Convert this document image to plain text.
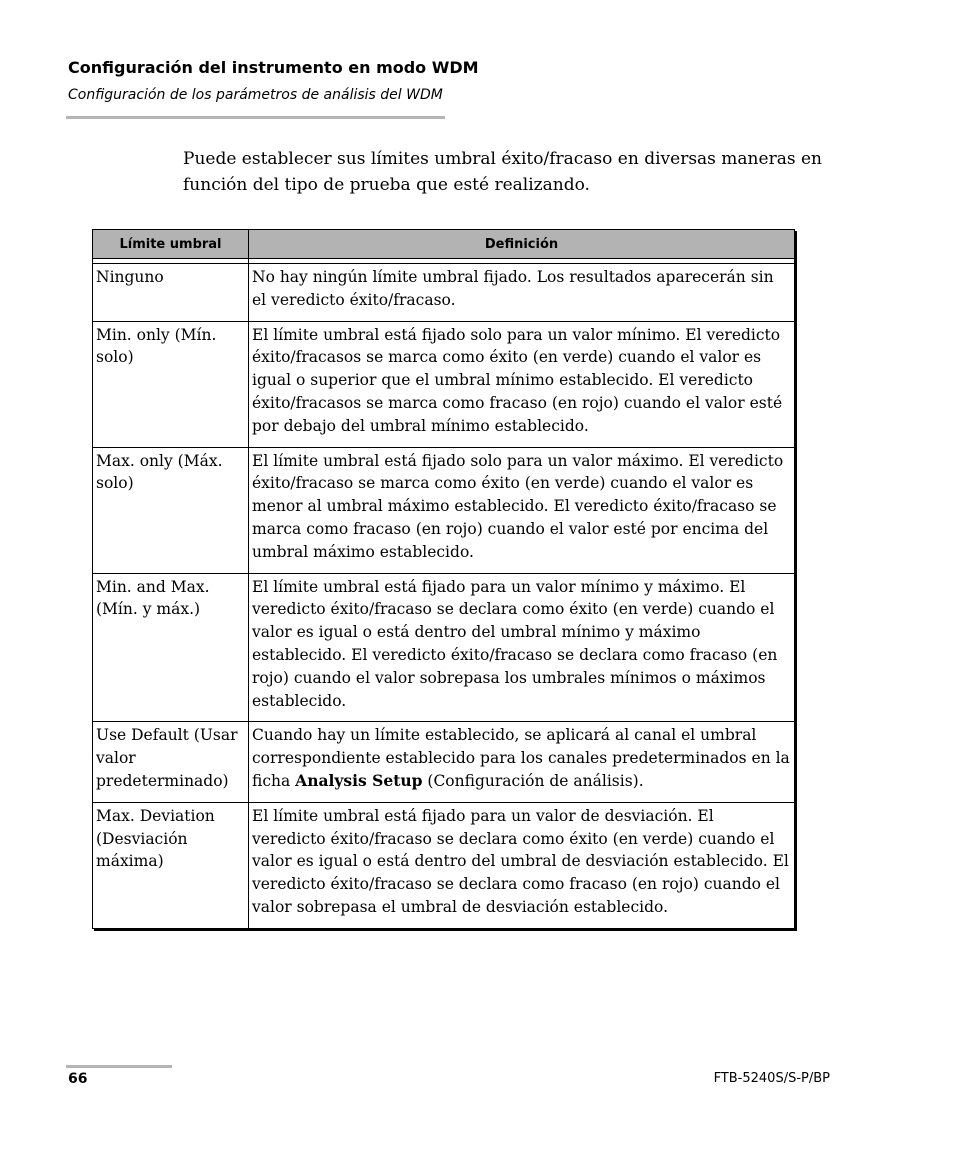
Configuración del instrumento en modo WDM
Configuración de los parámetros de análisis del WDM

Puede establecer sus límites umbral éxito/fracaso en diversas maneras en función del tipo de prueba que esté realizando.

Límite umbral	Definición

Ninguno	No hay ningún límite umbral fijado. Los resultados aparecerán sin el veredicto éxito/fracaso.
Min. only (Mín. solo)	El límite umbral está fijado solo para un valor mínimo. El veredicto éxito/fracasos se marca como éxito (en verde) cuando el valor es igual o superior que el umbral mínimo establecido. El veredicto éxito/fracasos se marca como fracaso (en rojo) cuando el valor esté por debajo del umbral mínimo establecido.
Max. only (Máx. solo)	El límite umbral está fijado solo para un valor máximo. El veredicto éxito/fracaso se marca como éxito (en verde) cuando el valor es menor al umbral máximo establecido. El veredicto éxito/fracaso se marca como fracaso (en rojo) cuando el valor esté por encima del umbral máximo establecido.
Min. and Max. (Mín. y máx.)	El límite umbral está fijado para un valor mínimo y máximo. El veredicto éxito/fracaso se declara como éxito (en verde) cuando el valor es igual o está dentro del umbral mínimo y máximo establecido. El veredicto éxito/fracaso se declara como fracaso (en rojo) cuando el valor sobrepasa los umbrales mínimos o máximos establecido.
Use Default (Usar valor predeterminado)	Cuando hay un límite establecido, se aplicará al canal el umbral correspondiente establecido para los canales predeterminados en la ficha Analysis Setup (Configuración de análisis).
Max. Deviation (Desviación máxima)	El límite umbral está fijado para un valor de desviación. El veredicto éxito/fracaso se declara como éxito (en verde) cuando el valor es igual o está dentro del umbral de desviación establecido. El veredicto éxito/fracaso se declara como fracaso (en rojo) cuando el valor sobrepasa el umbral de desviación establecido.
66	FTB-5240S/S-P/BP
